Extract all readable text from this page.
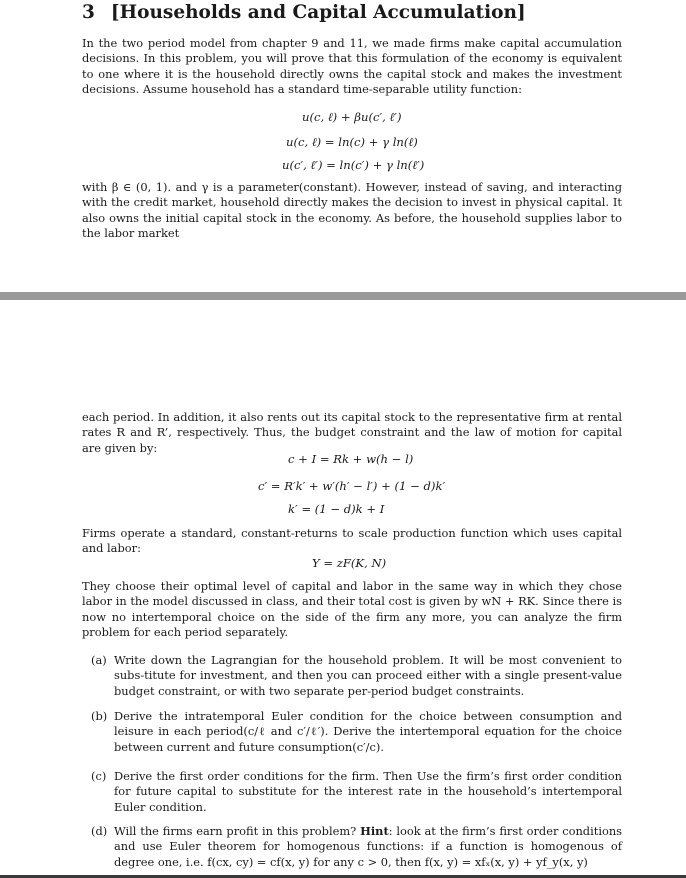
3 [Households and Capital Accumulation]

In the two period model from chapter 9 and 11, we made firms make capital accumulation decisions. In this problem, you will prove that this formulation of the economy is equivalent to one where it is the household directly owns the capital stock and makes the investment decisions. Assume household has a standard time-separable utility function:

u(c, ℓ) + βu(c′, ℓ′)
u(c, ℓ) = ln(c) + γ ln(ℓ)
u(c′, ℓ′) = ln(c′) + γ ln(ℓ′)

with β ∈ (0, 1). and γ is a parameter(constant). However, instead of saving, and interacting with the credit market, household directly makes the decision to invest in physical capital. It also owns the initial capital stock in the economy. As before, the household supplies labor to the labor market

each period. In addition, it also rents out its capital stock to the representative firm at rental rates R and R’, respectively. Thus, the budget constraint and the law of motion for capital are given by:

c + I = Rk + w(h − l)
c′ = R′k′ + w′(h′ − l′) + (1 − d)k′
k′ = (1 − d)k + I

Firms operate a standard, constant-returns to scale production function which uses capital and labor:

Y = zF(K, N)

They choose their optimal level of capital and labor in the same way in which they chose labor in the model discussed in class, and their total cost is given by wN + RK. Since there is now no intertemporal choice on the side of the firm any more, you can analyze the firm problem for each period separately.

(a) Write down the Lagrangian for the household problem. It will be most convenient to subs-titute for investment, and then you can proceed either with a single present-value budget constraint, or with two separate per-period budget constraints.

(b) Derive the intratemporal Euler condition for the choice between consumption and leisure in each period(c/ℓ and c′/ℓ′). Derive the intertemporal equation for the choice between current and future consumption(c′/c).

(c) Derive the first order conditions for the firm. Then Use the firm’s first order condition for future capital to substitute for the interest rate in the household’s intertemporal Euler condition.

(d) Will the firms earn profit in this problem? Hint: look at the firm’s first order conditions and use Euler theorem for homogenous functions: if a function is homogenous of degree one, i.e. f(cx, cy) = cf(x, y) for any c > 0, then f(x, y) = xfₓ(x, y) + yf_y(x, y)
